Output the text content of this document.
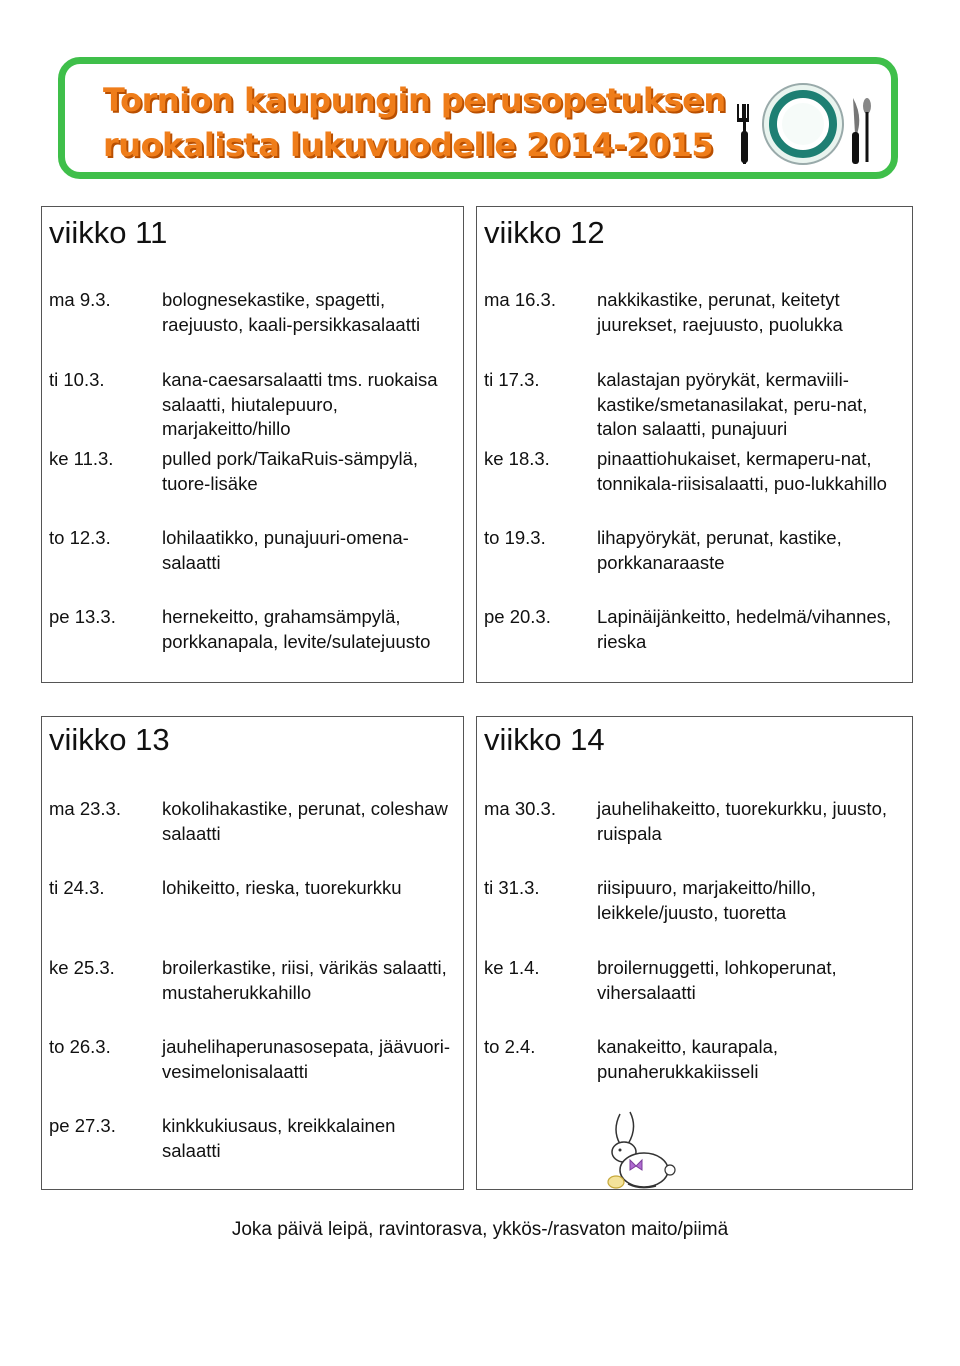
Tornion kaupungin perusopetuksen
ruokalista lukuvuodelle 2014-2015
viikko 11
ma 9.3.	bolognesekastike, spagetti, raejuusto, kaali-persikkasalaatti
ti 10.3.	kana-caesarsalaatti tms. ruokaisa salaatti, hiutalepuuro, marjakeitto/hillo
ke 11.3.	pulled pork/TaikaRuis-sämpylä, tuore-lisäke
to 12.3.	lohilaatikko, punajuuri-omena-salaatti
pe 13.3. hernekeitto, grahamsämpylä, porkkanapala, levite/sulatejuusto
viikko 12
ma 16.3. nakkikastike, perunat, keitetyt juurekset, raejuusto, puolukka
ti 17.3.	kalastajan pyörykät, kermaviili-kastike/smetanasilakat, peru-nat, talon salaatti, punajuuri
ke 18.3.	pinaattiohukaiset, kermaperu-nat, tonnikala-riisisalaatti, puo-lukkahillo
to 19.3.	lihapyörykät, perunat, kastike, porkkanaraaste
pe 20.3. Lapinäijänkeitto, hedelmä/vihannes, rieska
viikko 13
ma 23.3. kokolihakastike, perunat, coleshaw salaatti
ti 24.3.	lohikeitto, rieska, tuorekurkku
ke 25.3.	broilerkastike, riisi, värikäs salaatti, mustaherukkahillo
to 26.3.	jauhelihaperunasosepata, jäävuori-vesimelonisalaatti
pe 27.3. kinkkukiusaus, kreikkalainen salaatti
viikko 14
ma 30.3. jauhelihakeitto, tuorekurkku, juusto, ruispala
ti 31.3.	riisipuuro, marjakeitto/hillo, leikkele/juusto, tuoretta
ke 1.4.	broilernuggetti, lohkoperunat, vihersalaatti
to 2.4.	kanakeitto, kaurapala, punaherukkakiisseli
Joka päivä leipä, ravintorasva, ykkös-/rasvaton maito/piimä
